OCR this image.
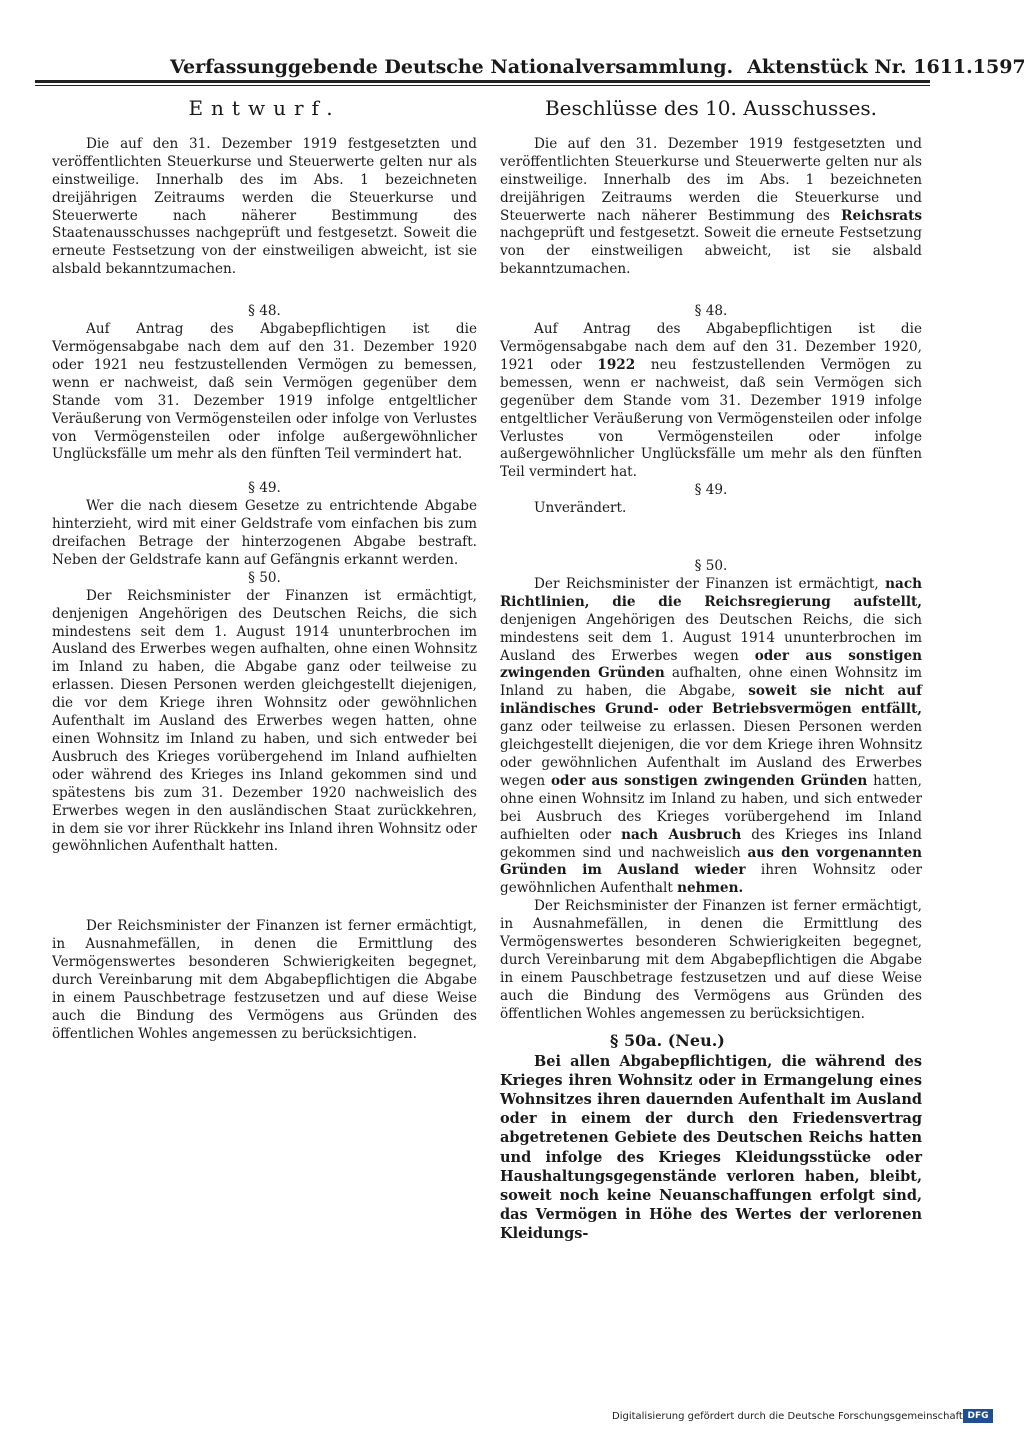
Verfassunggebende Deutsche Nationalversammlung. Aktenstück Nr. 1611. 1597
Entwurf.

Die auf den 31. Dezember 1919 festgesetzten und veröffentlichten Steuerkurse und Steuerwerte gelten nur als einstweilige. Innerhalb des im Abs. 1 bezeichneten dreijährigen Zeitraums werden die Steuerkurse und Steuerwerte nach näherer Bestimmung des Staatenausschusses nachgeprüft und festgesetzt. Soweit die erneute Festsetzung von der einstweiligen abweicht, ist sie alsbald bekanntzumachen.

§ 48.

Auf Antrag des Abgabepflichtigen ist die Vermögensabgabe nach dem auf den 31. Dezember 1920 oder 1921 neu festzustellenden Vermögen zu bemessen, wenn er nachweist, daß sein Vermögen gegenüber dem Stande vom 31. Dezember 1919 infolge entgeltlicher Veräußerung von Vermögensteilen oder infolge von Verlustes von Vermögensteilen oder infolge außergewöhnlicher Unglücksfälle um mehr als den fünften Teil vermindert hat.

§ 49.

Wer die nach diesem Gesetze zu entrichtende Abgabe hinterzieht, wird mit einer Geldstrafe vom einfachen bis zum dreifachen Betrage der hinterzogenen Abgabe bestraft. Neben der Geldstrafe kann auf Gefängnis erkannt werden.

§ 50.

Der Reichsminister der Finanzen ist ermächtigt, denjenigen Angehörigen des Deutschen Reichs, die sich mindestens seit dem 1. August 1914 ununterbrochen im Ausland des Erwerbes wegen aufhalten, ohne einen Wohnsitz im Inland zu haben, die Abgabe ganz oder teilweise zu erlassen. Diesen Personen werden gleichgestellt diejenigen, die vor dem Kriege ihren Wohnsitz oder gewöhnlichen Aufenthalt im Ausland des Erwerbes wegen hatten, ohne einen Wohnsitz im Inland zu haben, und sich entweder bei Ausbruch des Krieges vorübergehend im Inland aufhielten oder während des Krieges ins Inland gekommen sind und spätestens bis zum 31. Dezember 1920 nachweislich des Erwerbes wegen in den ausländischen Staat zurückkehren, in dem sie vor ihrer Rückkehr ins Inland ihren Wohnsitz oder gewöhnlichen Aufenthalt hatten.

Der Reichsminister der Finanzen ist ferner ermächtigt, in Ausnahmefällen, in denen die Ermittlung des Vermögenswertes besonderen Schwierigkeiten begegnet, durch Vereinbarung mit dem Abgabepflichtigen die Abgabe in einem Pauschbetrage festzusetzen und auf diese Weise auch die Bindung des Vermögens aus Gründen des öffentlichen Wohles angemessen zu berücksichtigen.

Beschlüsse des 10. Ausschusses.

Die auf den 31. Dezember 1919 festgesetzten und veröffentlichten Steuerkurse und Steuerwerte gelten nur als einstweilige. Innerhalb des im Abs. 1 bezeichneten dreijährigen Zeitraums werden die Steuerkurse und Steuerwerte nach näherer Bestimmung des Reichsrats nachgeprüft und festgesetzt. Soweit die erneute Festsetzung von der einstweiligen abweicht, ist sie alsbald bekanntzumachen.

§ 48.

Auf Antrag des Abgabepflichtigen ist die Vermögensabgabe nach dem auf den 31. Dezember 1920, 1921 oder 1922 neu festzustellenden Vermögen zu bemessen, wenn er nachweist, daß sein Vermögen sich gegenüber dem Stande vom 31. Dezember 1919 infolge entgeltlicher Veräußerung von Vermögensteilen oder infolge Verlustes von Vermögensteilen oder infolge außergewöhnlicher Unglücksfälle um mehr als den fünften Teil vermindert hat.

§ 49.

Unverändert.

§ 50.

Der Reichsminister der Finanzen ist ermächtigt, nach Richtlinien, die die Reichsregierung aufstellt, denjenigen Angehörigen des Deutschen Reichs, die sich mindestens seit dem 1. August 1914 ununterbrochen im Ausland des Erwerbes wegen oder aus sonstigen zwingenden Gründen aufhalten, ohne einen Wohnsitz im Inland zu haben, die Abgabe, soweit sie nicht auf inländisches Grund- oder Betriebsvermögen entfällt, ganz oder teilweise zu erlassen. Diesen Personen werden gleichgestellt diejenigen, die vor dem Kriege ihren Wohnsitz oder gewöhnlichen Aufenthalt im Ausland des Erwerbes wegen oder aus sonstigen zwingenden Gründen hatten, ohne einen Wohnsitz im Inland zu haben, und sich entweder bei Ausbruch des Krieges vorübergehend im Inland aufhielten oder nach Ausbruch des Krieges ins Inland gekommen sind und nachweislich aus den vorgenannten Gründen im Ausland wieder ihren Wohnsitz oder gewöhnlichen Aufenthalt nehmen.

Der Reichsminister der Finanzen ist ferner ermächtigt, in Ausnahmefällen, in denen die Ermittlung des Vermögenswertes besonderen Schwierigkeiten begegnet, durch Vereinbarung mit dem Abgabepflichtigen die Abgabe in einem Pauschbetrage festzusetzen und auf diese Weise auch die Bindung des Vermögens aus Gründen des öffentlichen Wohles angemessen zu berücksichtigen.

§ 50a. (Neu.)

Bei allen Abgabepflichtigen, die während des Krieges ihren Wohnsitz oder in Ermangelung eines Wohnsitzes ihren dauernden Aufenthalt im Ausland oder in einem der durch den Friedensvertrag abgetretenen Gebiete des Deutschen Reichs hatten und infolge des Krieges Kleidungsstücke oder Haushaltungsgegenstände verloren haben, bleibt, soweit noch keine Neuanschaffungen erfolgt sind, das Vermögen in Höhe des Wertes der verlorenen Kleidungs-

Digitalisierung gefördert durch die Deutsche Forschungsgemeinschaft DFG
